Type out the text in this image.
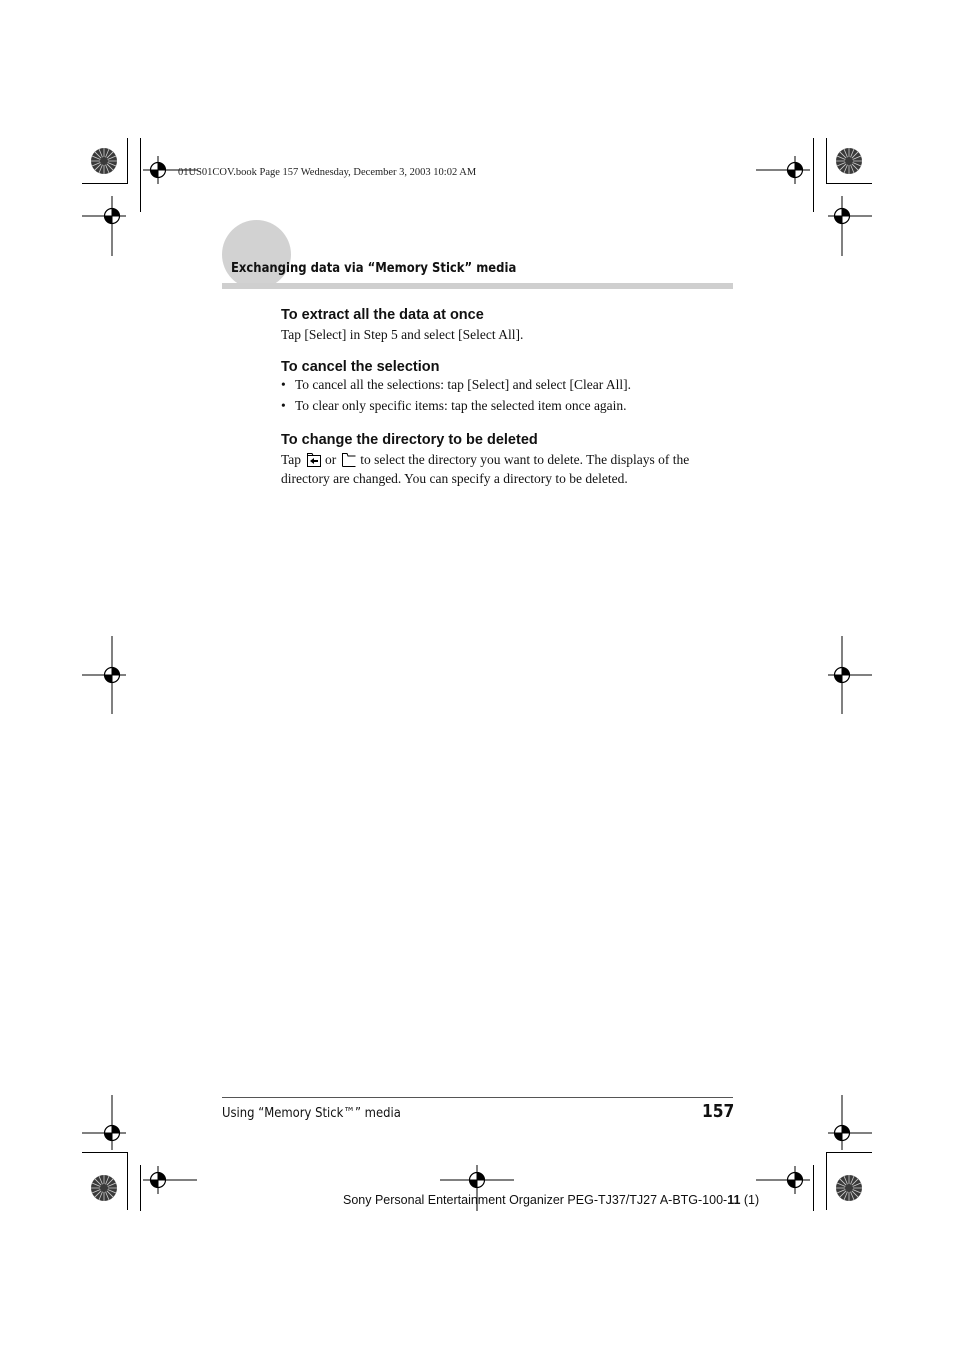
01US01COV.book Page 157 Wednesday, December 3, 2003 10:02 AM
Exchanging data via “Memory Stick” media
To extract all the data at once
Tap [Select] in Step 5 and select [Select All].
To cancel the selection
• To cancel all the selections: tap [Select] and select [Clear All].
• To clear only specific items: tap the selected item once again.
To change the directory to be deleted
Tap or to select the directory you want to delete. The displays of the
directory are changed. You can specify a directory to be deleted.
Using “Memory Stick™” media	157
Sony Personal Entertainment Organizer PEG-TJ37/TJ27 A-BTG-100-11 (1)
